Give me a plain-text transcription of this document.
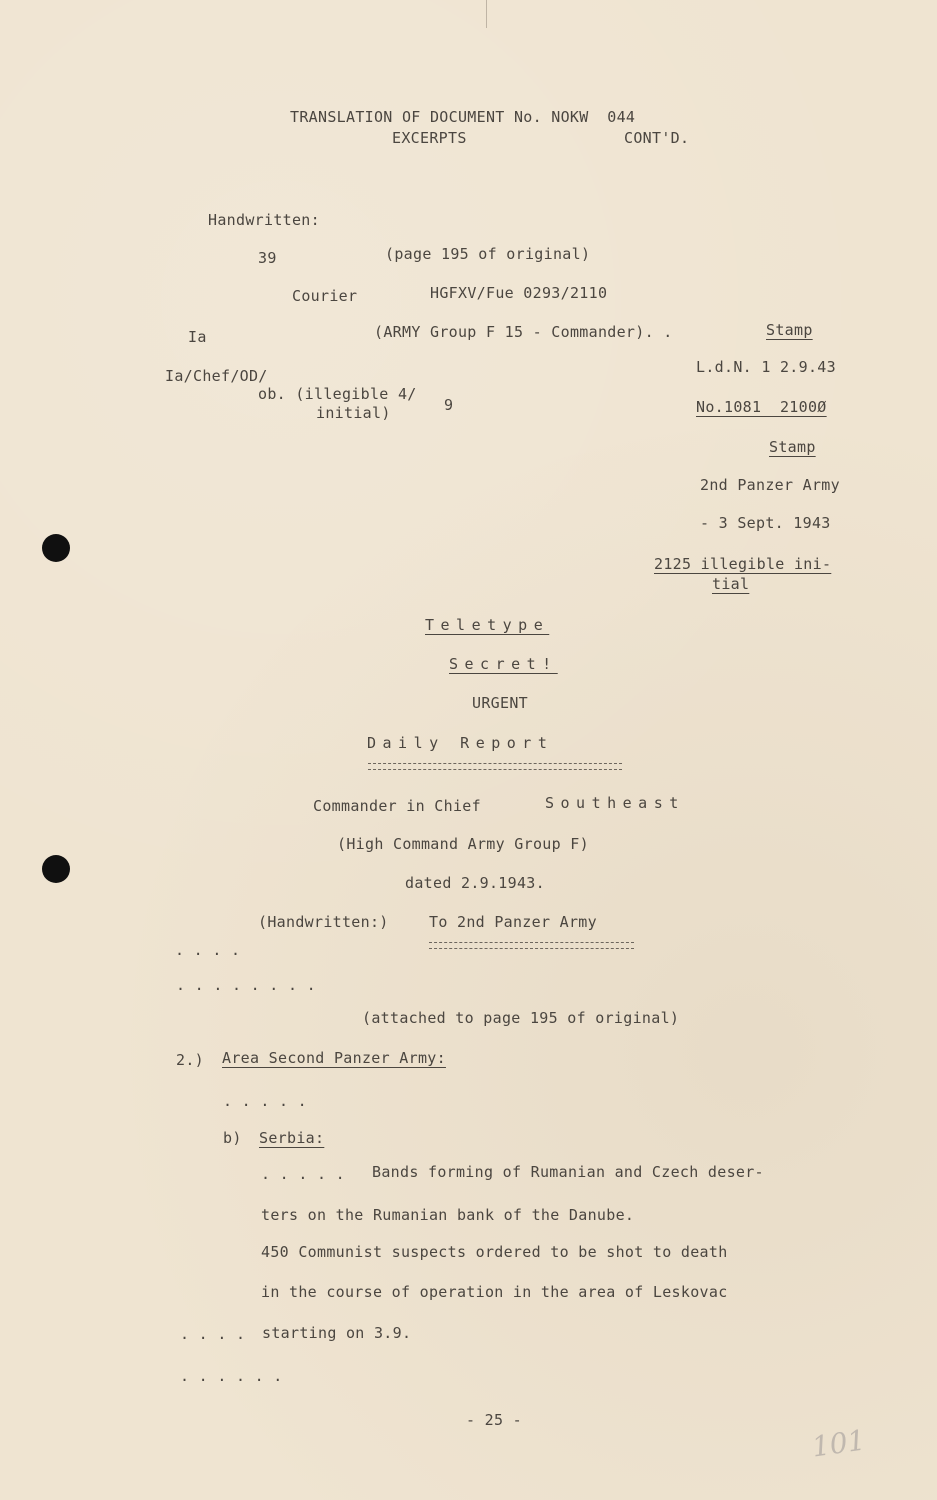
TRANSLATION OF DOCUMENT No. NOKW  044
EXCERPTS	CONT'D.
Handwritten:
39	(page 195 of original)
Courier	HGFXV/Fue 0293/2110
Ia	(ARMY Group F 15 - Commander). .	Stamp
Ia/Chef/OD/
ob. (illegible 4/
9
initial)
L.d.N. 1 2.9.43
No.1081  2100Ø
Stamp
2nd Panzer Army
- 3 Sept. 1943
2125 illegible ini-
tial
Teletype
Secret!
URGENT
Daily Report
Commander in Chief	Southeast
(High Command Army Group F)
dated 2.9.1943.
(Handwritten:)	To 2nd Panzer Army
. . . .
. . . . . . . .
(attached to page 195 of original)
2.) Area Second Panzer Army:
. . . . .
b) Serbia:
. . . . . Bands forming of Rumanian and Czech deser-
ters on the Rumanian bank of the Danube.
450 Communist suspects ordered to be shot to death
in the course of operation in the area of Leskovac
. . . . starting on 3.9.
. . . . . .
- 25 -
101
